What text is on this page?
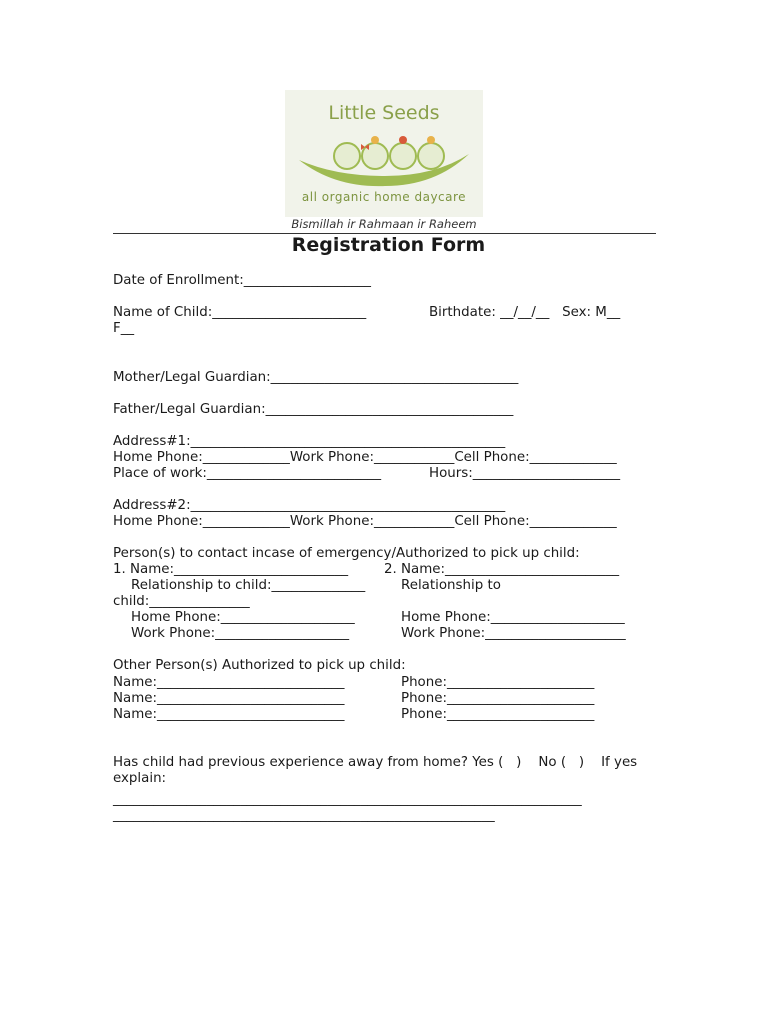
Little Seeds
all organic home daycare
Bismillah ir Rahmaan ir Raheem
Registration Form
Date of Enrollment:___________________
Name of Child:_______________________	Birthdate: __/__/__   Sex: M__
F__
Mother/Legal Guardian:_____________________________________
Father/Legal Guardian:_____________________________________
Address#1:_______________________________________________
Home Phone:_____________Work Phone:____________Cell Phone:_____________
Place of work:__________________________	Hours:______________________
Address#2:_______________________________________________
Home Phone:_____________Work Phone:____________Cell Phone:_____________
Person(s) to contact incase of emergency/Authorized to pick up child:
1. Name:__________________________	2. Name:__________________________
Relationship to child:______________	Relationship to
child:_______________
Home Phone:____________________	Home Phone:____________________
Work Phone:____________________	Work Phone:_____________________
Other Person(s) Authorized to pick up child:
Name:____________________________	Phone:______________________
Name:____________________________	Phone:______________________
Name:____________________________	Phone:______________________
Has child had previous experience away from home? Yes (   )    No (   )    If yes
explain:
______________________________________________________________________
_________________________________________________________
